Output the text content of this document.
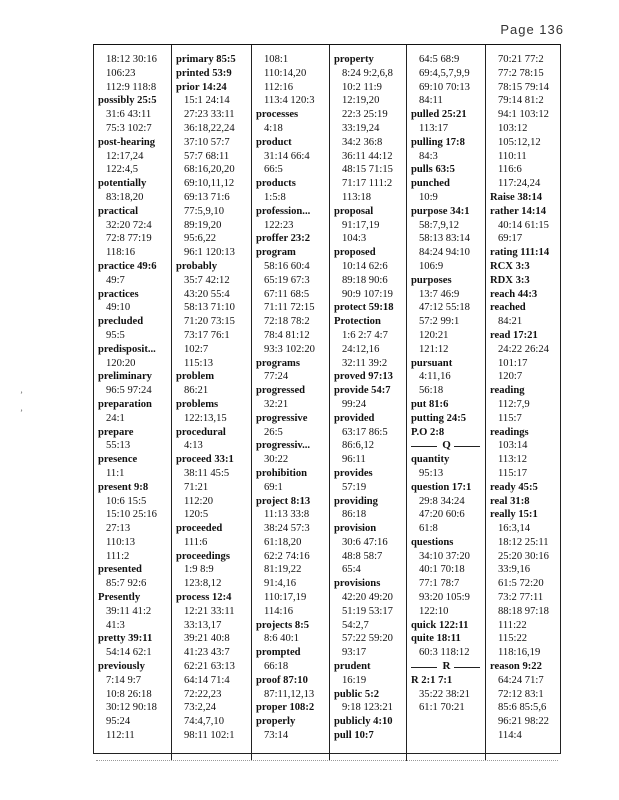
Page 136
ʼ
ʼ
18:12 30:16
106:23
112:9 118:8
possibly 25:5
31:6 43:11
75:3 102:7
post-hearing
12:17,24
122:4,5
potentially
83:18,20
practical
32:20 72:4
72:8 77:19
118:16
practice 49:6
49:7
practices
49:10
precluded
95:5
predisposit...
120:20
preliminary
96:5 97:24
preparation
24:1
prepare
55:13
presence
11:1
present 9:8
10:6 15:5
15:10 25:16
27:13
110:13
111:2
presented
85:7 92:6
Presently
39:11 41:2
41:3
pretty 39:11
54:14 62:1
previously
7:14 9:7
10:8 26:18
30:12 90:18
95:24
112:11
primary 85:5
printed 53:9
prior 14:24
15:1 24:14
27:23 33:11
36:18,22,24
37:10 57:7
57:7 68:11
68:16,20,20
69:10,11,12
69:13 71:6
77:5,9,10
89:19,20
95:6,22
96:1 120:13
probably
35:7 42:12
43:20 55:4
58:13 71:10
71:20 73:15
73:17 76:1
102:7
115:13
problem
86:21
problems
122:13,15
procedural
4:13
proceed 33:1
38:11 45:5
71:21
112:20
120:5
proceeded
111:6
proceedings
1:9 8:9
123:8,12
process 12:4
12:21 33:11
33:13,17
39:21 40:8
41:23 43:7
62:21 63:13
64:14 71:4
72:22,23
73:2,24
74:4,7,10
98:11 102:1
108:1
110:14,20
112:16
113:4 120:3
processes
4:18
product
31:14 66:4
66:5
products
1:5:8
profession...
122:23
proffer 23:2
program
58:16 60:4
65:19 67:3
67:11 68:5
71:11 72:15
72:18 78:2
78:4 81:12
93:3 102:20
programs
77:24
progressed
32:21
progressive
26:5
progressiv...
30:22
prohibition
69:1
project 8:13
11:13 33:8
38:24 57:3
61:18,20
62:2 74:16
81:19,22
91:4,16
110:17,19
114:16
projects 8:5
8:6 40:1
prompted
66:18
proof 87:10
87:11,12,13
proper 108:2
properly
73:14
property
8:24 9:2,6,8
10:2 11:9
12:19,20
22:3 25:19
33:19,24
34:2 36:8
36:11 44:12
48:15 71:15
71:17 111:2
113:18
proposal
91:17,19
104:3
proposed
10:14 62:6
89:18 90:6
90:9 107:19
protect 59:18
Protection
1:6 2:7 4:7
24:12,16
32:11 39:2
proved 97:13
provide 54:7
99:24
provided
63:17 86:5
86:6,12
96:11
provides
57:19
providing
86:18
provision
30:6 47:16
48:8 58:7
65:4
provisions
42:20 49:20
51:19 53:17
54:2,7
57:22 59:20
93:17
prudent
16:19
public 5:2
9:18 123:21
publicly 4:10
pull 10:7
64:5 68:9
69:4,5,7,9,9
69:10 70:13
84:11
pulled 25:21
113:17
pulling 17:8
84:3
pulls 63:5
punched
10:9
purpose 34:1
58:7,9,12
58:13 83:14
84:24 94:10
106:9
purposes
13:7 46:9
47:12 55:18
57:2 99:1
120:21
121:12
pursuant
4:11,16
56:18
put 81:6
putting 24:5
P.O 2:8
Q
quantity
95:13
question 17:1
29:8 34:24
47:20 60:6
61:8
questions
34:10 37:20
40:1 70:18
77:1 78:7
93:20 105:9
122:10
quick 122:11
quite 18:11
60:3 118:12
R
R 2:1 7:1
35:22 38:21
61:1 70:21
70:21 77:2
77:2 78:15
78:15 79:14
79:14 81:2
94:1 103:12
103:12
105:12,12
110:11
116:6
117:24,24
Raise 38:14
rather 14:14
40:14 61:15
69:17
rating 111:14
RCX 3:3
RDX 3:3
reach 44:3
reached
84:21
read 17:21
24:22 26:24
101:17
120:7
reading
112:7,9
115:7
readings
103:14
113:12
115:17
ready 45:5
real 31:8
really 15:1
16:3,14
18:12 25:11
25:20 30:16
33:9,16
61:5 72:20
73:2 77:11
88:18 97:18
111:22
115:22
118:16,19
reason 9:22
64:24 71:7
72:12 83:1
85:6 85:5,6
96:21 98:22
114:4
